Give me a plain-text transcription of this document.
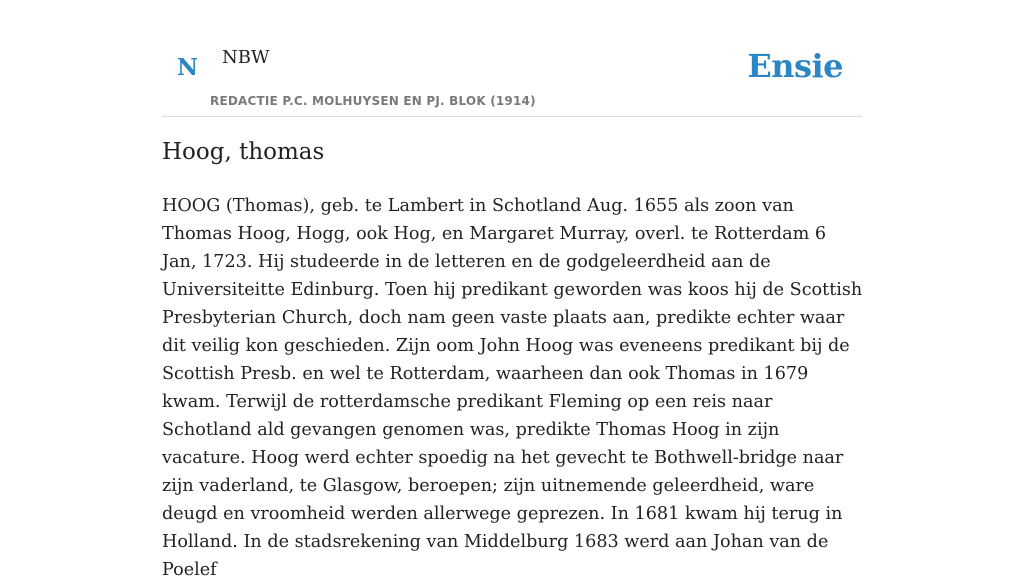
N NBW
REDACTIE P.C. MOLHUYSEN EN PJ. BLOK (1914)
Ensie
Hoog, thomas

HOOG (Thomas), geb. te Lambert in Schotland Aug. 1655 als zoon van Thomas Hoog, Hogg, ook Hog, en Margaret Murray, overl. te Rotterdam 6 Jan, 1723. Hij studeerde in de letteren en de godgeleerdheid aan de Universiteitte Edinburg. Toen hij predikant geworden was koos hij de Scottish Presbyterian Church, doch nam geen vaste plaats aan, predikte echter waar dit veilig kon geschieden. Zijn oom John Hoog was eveneens predikant bij de Scottish Presb. en wel te Rotterdam, waarheen dan ook Thomas in 1679 kwam. Terwijl de rotterdamsche predikant Fleming op een reis naar Schotland ald gevangen genomen was, predikte Thomas Hoog in zijn vacature. Hoog werd echter spoedig na het gevecht te Bothwell-bridge naar zijn vaderland, te Glasgow, beroepen; zijn uitnemende geleerdheid, ware deugd en vroomheid werden allerwege geprezen. In 1681 kwam hij terug in Holland. In de stadsrekening van Middelburg 1683 werd aan Johan van de Poelef
